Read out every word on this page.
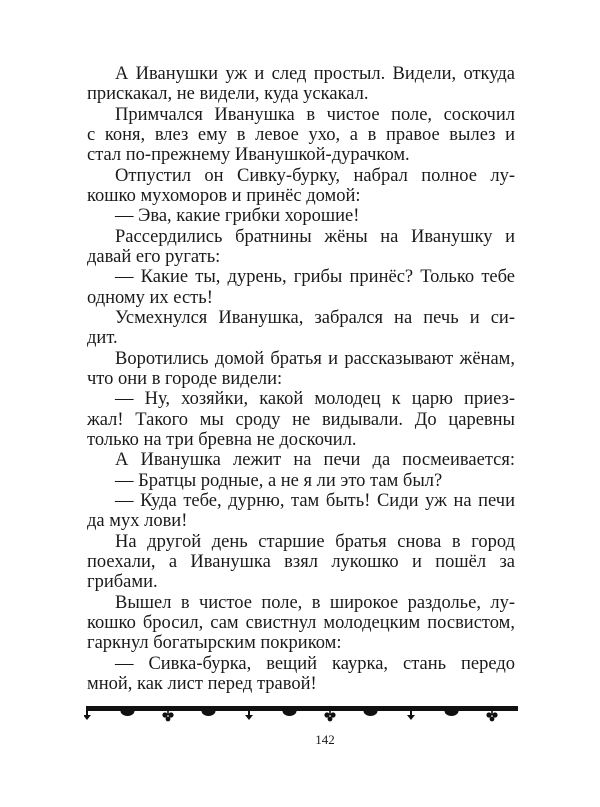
А Иванушки уж и след простыл. Видели, откуда
прискакал, не видели, куда ускакал.
Примчался Иванушка в чистое поле, соскочил
с коня, влез ему в левое ухо, а в правое вылез и
стал по-прежнему Иванушкой-дурачком.
Отпустил он Сивку-бурку, набрал полное лу-
кошко мухоморов и принёс домой:
— Эва, какие грибки хорошие!
Рассердились братнины жёны на Иванушку и
давай его ругать:
— Какие ты, дурень, грибы принёс? Только тебе
одному их есть!
Усмехнулся Иванушка, забрался на печь и си-
дит.
Воротились домой братья и рассказывают жёнам,
что они в городе видели:
— Ну, хозяйки, какой молодец к царю приез-
жал! Такого мы сроду не видывали. До царевны
только на три бревна не доскочил.
А Иванушка лежит на печи да посмеивается:
— Братцы родные, а не я ли это там был?
— Куда тебе, дурню, там быть! Сиди уж на печи
да мух лови!
На другой день старшие братья снова в город
поехали, а Иванушка взял лукошко и пошёл за
грибами.
Вышел в чистое поле, в широкое раздолье, лу-
кошко бросил, сам свистнул молодецким посвистом,
гаркнул богатырским покриком:
— Сивка-бурка, вещий каурка, стань передо
мной, как лист перед травой!
142
